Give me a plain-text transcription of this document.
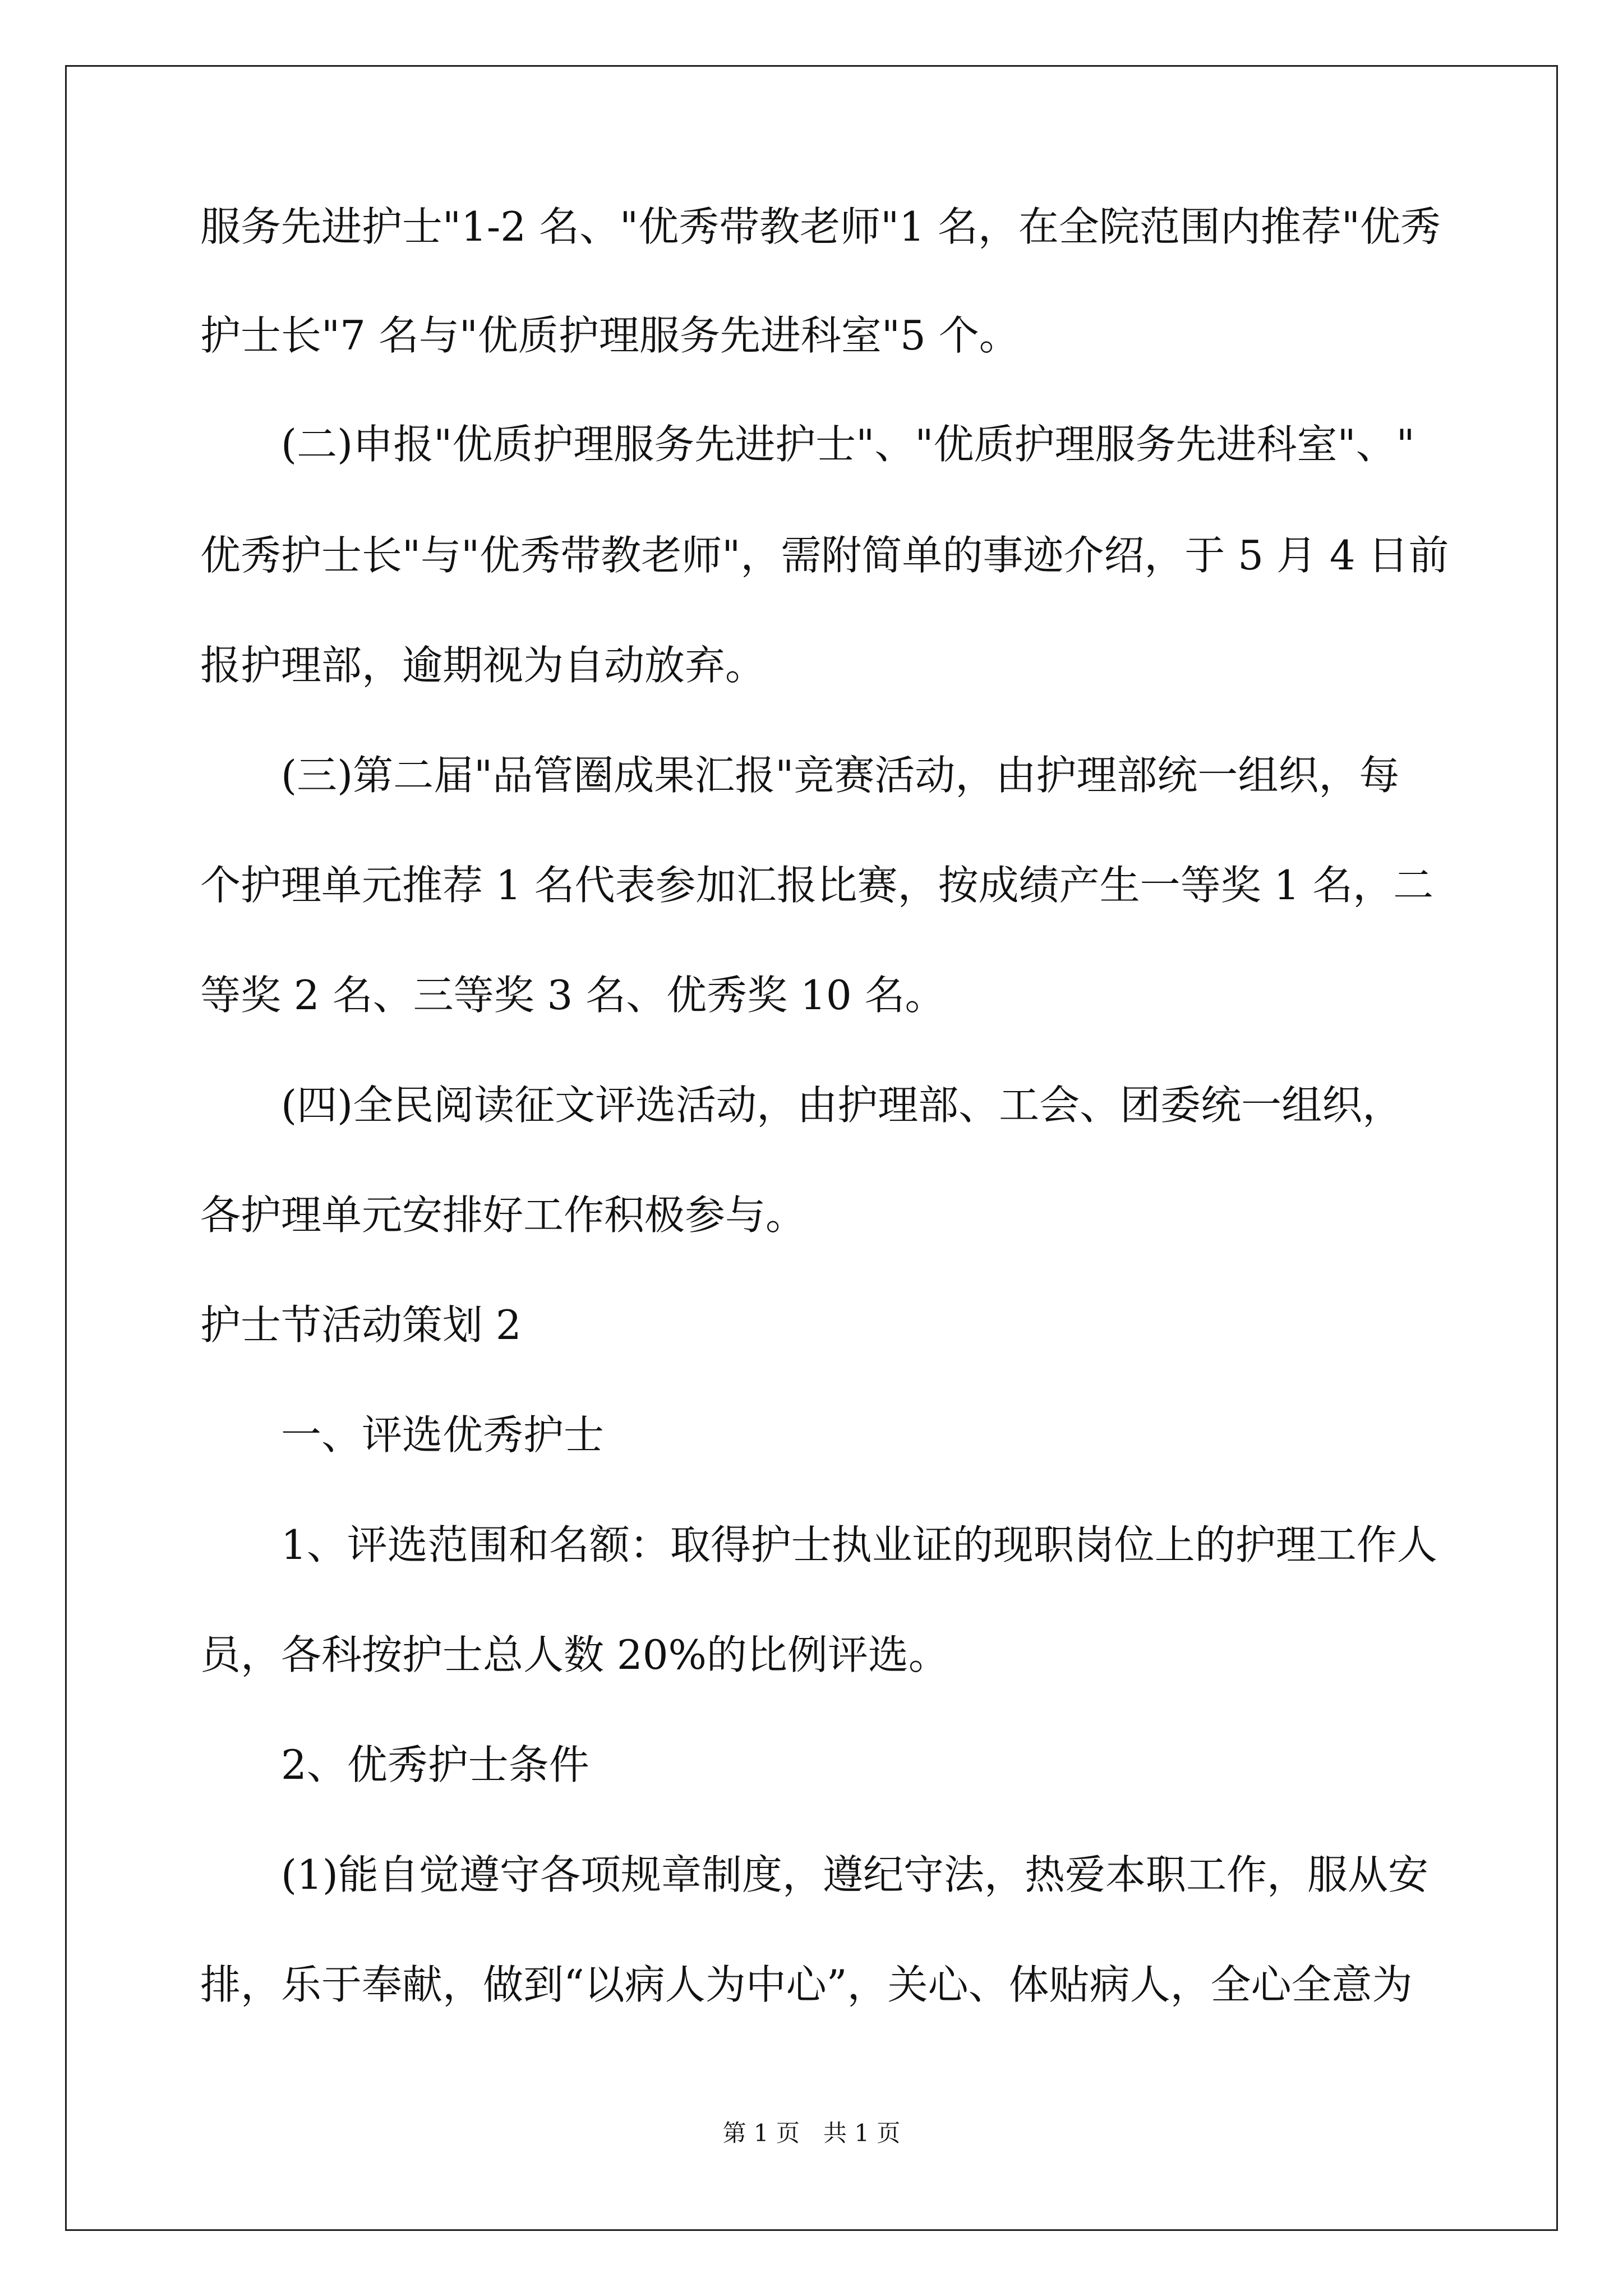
服务先进护士"1-2 名、"优秀带教老师"1 名，在全院范围内推荐"优秀
护士长"7 名与"优质护理服务先进科室"5 个。
　　(二)申报"优质护理服务先进护士"、"优质护理服务先进科室"、"
优秀护士长"与"优秀带教老师"，需附简单的事迹介绍，于 5 月 4 日前
报护理部，逾期视为自动放弃。
　　(三)第二届"品管圈成果汇报"竞赛活动，由护理部统一组织，每
个护理单元推荐 1 名代表参加汇报比赛，按成绩产生一等奖 1 名，二
等奖 2 名、三等奖 3 名、优秀奖 10 名。
　　(四)全民阅读征文评选活动，由护理部、工会、团委统一组织，
各护理单元安排好工作积极参与。
护士节活动策划 2
　　一、评选优秀护士
　　1、评选范围和名额：取得护士执业证的现职岗位上的护理工作人
员，各科按护士总人数 20%的比例评选。
　　2、优秀护士条件
　　(1)能自觉遵守各项规章制度，遵纪守法，热爱本职工作，服从安
排，乐于奉献，做到“以病人为中心”，关心、体贴病人，全心全意为
第 1 页　共 1 页
